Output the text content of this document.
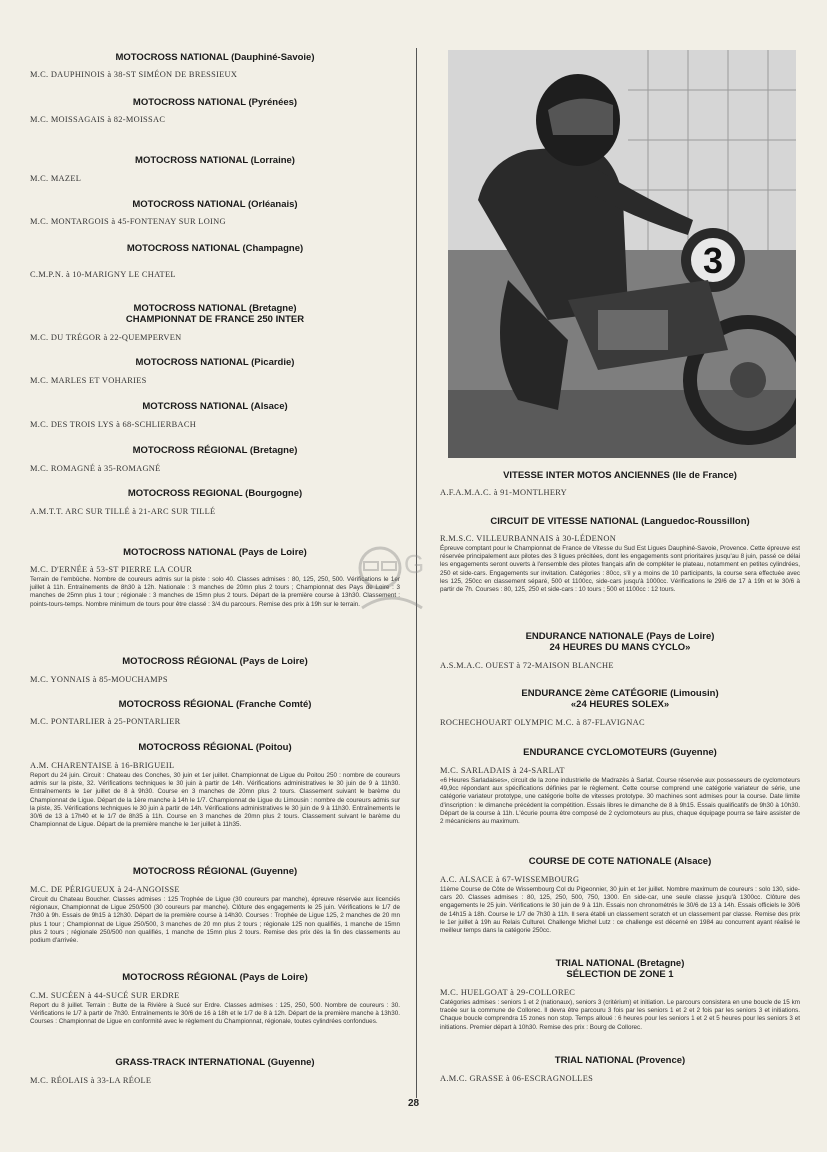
MOTOCROSS NATIONAL (Dauphiné-Savoie)
M.C. DAUPHINOIS à 38-ST SIMÉON DE BRESSIEUX
MOTOCROSS NATIONAL (Pyrénées)
M.C. MOISSAGAIS à 82-MOISSAC
MOTOCROSS NATIONAL (Lorraine)
M.C. MAZEL
MOTOCROSS NATIONAL (Orléanais)
M.C. MONTARGOIS à 45-FONTENAY SUR LOING
MOTOCROSS NATIONAL (Champagne)
C.M.P.N. à 10-MARIGNY LE CHATEL
MOTOCROSS NATIONAL (Bretagne)
CHAMPIONNAT DE FRANCE 250 INTER
M.C. DU TRÉGOR à 22-QUEMPERVEN
MOTOCROSS NATIONAL (Picardie)
M.C. MARLES ET VOHARIES
MOTCROSS NATIONAL (Alsace)
M.C. DES TROIS LYS à 68-SCHLIERBACH
MOTOCROSS RÉGIONAL (Bretagne)
M.C. ROMAGNÉ à 35-ROMAGNÉ
MOTOCROSS REGIONAL (Bourgogne)
A.M.T.T. ARC SUR TILLÉ à 21-ARC SUR TILLÉ
MOTOCROSS NATIONAL (Pays de Loire)
M.C. D'ERNÉE à 53-ST PIERRE LA COUR
Terrain de l'embûche. Nombre de coureurs admis sur la piste : solo 40. Classes admises : 80, 125, 250, 500. Vérifications le 1er juillet à 11h. Entraînements de 8h30 à 12h. Nationale : 3 manches de 20mn plus 2 tours ; Championnat des Pays de Loire : 3 manches de 25mn plus 1 tour ; régionale : 3 manches de 15mn plus 2 tours. Départ de la première course à 13h30. Classement : points-tours-temps. Nombre minimum de tours pour être classé : 3/4 du parcours. Remise des prix à 19h sur le terrain.
MOTOCROSS RÉGIONAL (Pays de Loire)
M.C. YONNAIS à 85-MOUCHAMPS
MOTOCROSS RÉGIONAL (Franche Comté)
M.C. PONTARLIER à 25-PONTARLIER
MOTOCROSS RÉGIONAL (Poitou)
A.M. CHARENTAISE à 16-BRIGUEIL
Report du 24 juin. Circuit : Chateau des Conches, 30 juin et 1er juillet. Championnat de Ligue du Poitou 250 : nombre de coureurs admis sur la piste, 32. Vérifications techniques le 30 juin à partir de 14h. Vérifications administratives le 30 juin de 9 à 11h30. Entraînements le 1er juillet de 8 à 9h30. Course en 3 manches de 20mn plus 2 tours. Classement suivant le barème du Championnat de Ligue. Départ de la 1ère manche à 14h le 1/7. Championnat de Ligue du Limousin : nombre de coureurs admis sur la piste, 35. Vérifications techniques le 30 juin à partir de 14h. Vérifications administratives le 30 juin de 9 à 11h30. Entraînements le 30/6 de 13 à 17h40 et le 1/7 de 8h35 à 11h. Course en 3 manches de 20mn plus 2 tours. Classement suivant le barème du Championnat de Ligue. Départ de la première manche le 1er juillet à 11h35.
MOTOCROSS RÉGIONAL (Guyenne)
M.C. DE PÉRIGUEUX à 24-ANGOISSE
Circuit du Chateau Boucher. Classes admises : 125 Trophée de Ligue (30 coureurs par manche), épreuve réservée aux licenciés régionaux, Championnat de Ligue 250/500 (30 coureurs par manche). Clôture des engagements le 25 juin. Vérifications le 1/7 de 7h30 à 9h. Essais de 9h15 à 12h30. Départ de la première course à 14h30. Courses : Trophée de Ligue 125, 2 manches de 20 mn plus 1 tour ; Championnat de Ligue 250/500, 3 manches de 20 mn plus 2 tours ; régionale 125 non qualifiés, 1 manche de 15mn plus 2 tours ; régionale 250/500 non qualifiés, 1 manche de 15mn plus 2 tours. Remise des prix dès la fin des classements au podium d'arrivée.
MOTOCROSS RÉGIONAL (Pays de Loire)
C.M. SUCÉEN à 44-SUCÉ SUR ERDRE
Report du 8 juillet. Terrain : Butte de la Rivière à Sucé sur Erdre. Classes admises : 125, 250, 500. Nombre de coureurs : 30. Vérifications le 1/7 à partir de 7h30. Entraînements le 30/6 de 16 à 18h et le 1/7 de 8 à 12h. Départ de la première manche à 13h30. Courses : Championnat de Ligue en conformité avec le règlement du Championnat, régionale, toutes cylindrées confondues.
GRASS-TRACK INTERNATIONAL (Guyenne)
M.C. RÉOLAIS à 33-LA RÉOLE
G
3
VITESSE INTER MOTOS ANCIENNES (Ile de France)
A.F.A.M.A.C. à 91-MONTLHERY
CIRCUIT DE VITESSE NATIONAL (Languedoc-Roussillon)
R.M.S.C. VILLEURBANNAIS à 30-LÉDENON
Épreuve comptant pour le Championnat de France de Vitesse du Sud Est Ligues Dauphiné-Savoie, Provence. Cette épreuve est réservée principalement aux pilotes des 3 ligues précitées, dont les engagements sont prioritaires jusqu'au 8 juin, passé ce délai les engagements seront ouverts à l'ensemble des pilotes français afin de compléter le plateau, notamment en petites cylindrées, 250 et side-cars. Engagements sur invitation. Catégories : 80cc, s'il y a moins de 10 participants, la course sera effectuée avec les 125, 250cc en classement séparé, 500 et 1100cc, side-cars jusqu'à 1000cc. Vérifications le 29/6 de 17 à 19h et le 30/6 à partir de 7h. Courses : 80, 125, 250 et side-cars : 10 tours ; 500 et 1100cc : 12 tours.
ENDURANCE NATIONALE (Pays de Loire)
24 HEURES DU MANS CYCLO»
A.S.M.A.C. OUEST à 72-MAISON BLANCHE
ENDURANCE 2ème CATÉGORIE (Limousin)
«24 HEURES SOLEX»
ROCHECHOUART OLYMPIC M.C. à 87-FLAVIGNAC
ENDURANCE CYCLOMOTEURS (Guyenne)
M.C. SARLADAIS à 24-SARLAT
«6 Heures Sarladaises», circuit de la zone industrielle de Madrazès à Sarlat. Course réservée aux possesseurs de cyclomoteurs 49,9cc répondant aux spécifications définies par le règlement. Cette course comprend une catégorie variateur de série, une catégorie variateur prototype, une catégorie boîte de vitesses prototype. 30 machines sont admises pour la course. Date limite d'inscription : le dimanche précédent la compétition. Essais libres le dimanche de 8 à 9h15. Essais qualificatifs de 9h30 à 10h30. Départ de la course à 11h. L'écurie pourra être composé de 2 cyclomoteurs au plus, chaque équipage pourra se faire assister de 2 mécaniciens au maximum.
COURSE DE COTE NATIONALE (Alsace)
A.C. ALSACE à 67-WISSEMBOURG
11ème Course de Côte de Wissembourg Col du Pigeonnier, 30 juin et 1er juillet. Nombre maximum de coureurs : solo 130, side-cars 20. Classes admises : 80, 125, 250, 500, 750, 1300. En side-car, une seule classe jusqu'à 1300cc. Clôture des engagements le 25 juin. Vérifications le 30 juin de 9 à 11h. Essais non chronométrés le 30/6 de 13 à 14h. Essais officiels le 30/6 de 14h15 à 18h. Course le 1/7 de 7h30 à 11h. Il sera établi un classement scratch et un classement par classe. Remise des prix le 1er juillet à 19h au Relais Culturel. Challenge Michel Lutz : ce challenge est décerné en 1984 au concurrent ayant réalisé le meilleur temps dans la catégorie 250cc.
TRIAL NATIONAL (Bretagne)
SÉLECTION DE ZONE 1
M.C. HUELGOAT à 29-COLLOREC
Catégories admises : seniors 1 et 2 (nationaux), seniors 3 (critérium) et initiation. Le parcours consistera en une boucle de 15 km tracée sur la commune de Collorec. Il devra être parcouru 3 fois par les seniors 1 et 2 et 2 fois par les seniors 3 et initiations. Chaque boucle comprendra 15 zones non stop. Temps alloué : 6 heures pour les seniors 1 et 2 et 5 heures pour les seniors 3 et initiations. Premier départ à 10h30. Remise des prix : Bourg de Collorec.
TRIAL NATIONAL (Provence)
A.M.C. GRASSE à 06-ESCRAGNOLLES
28
